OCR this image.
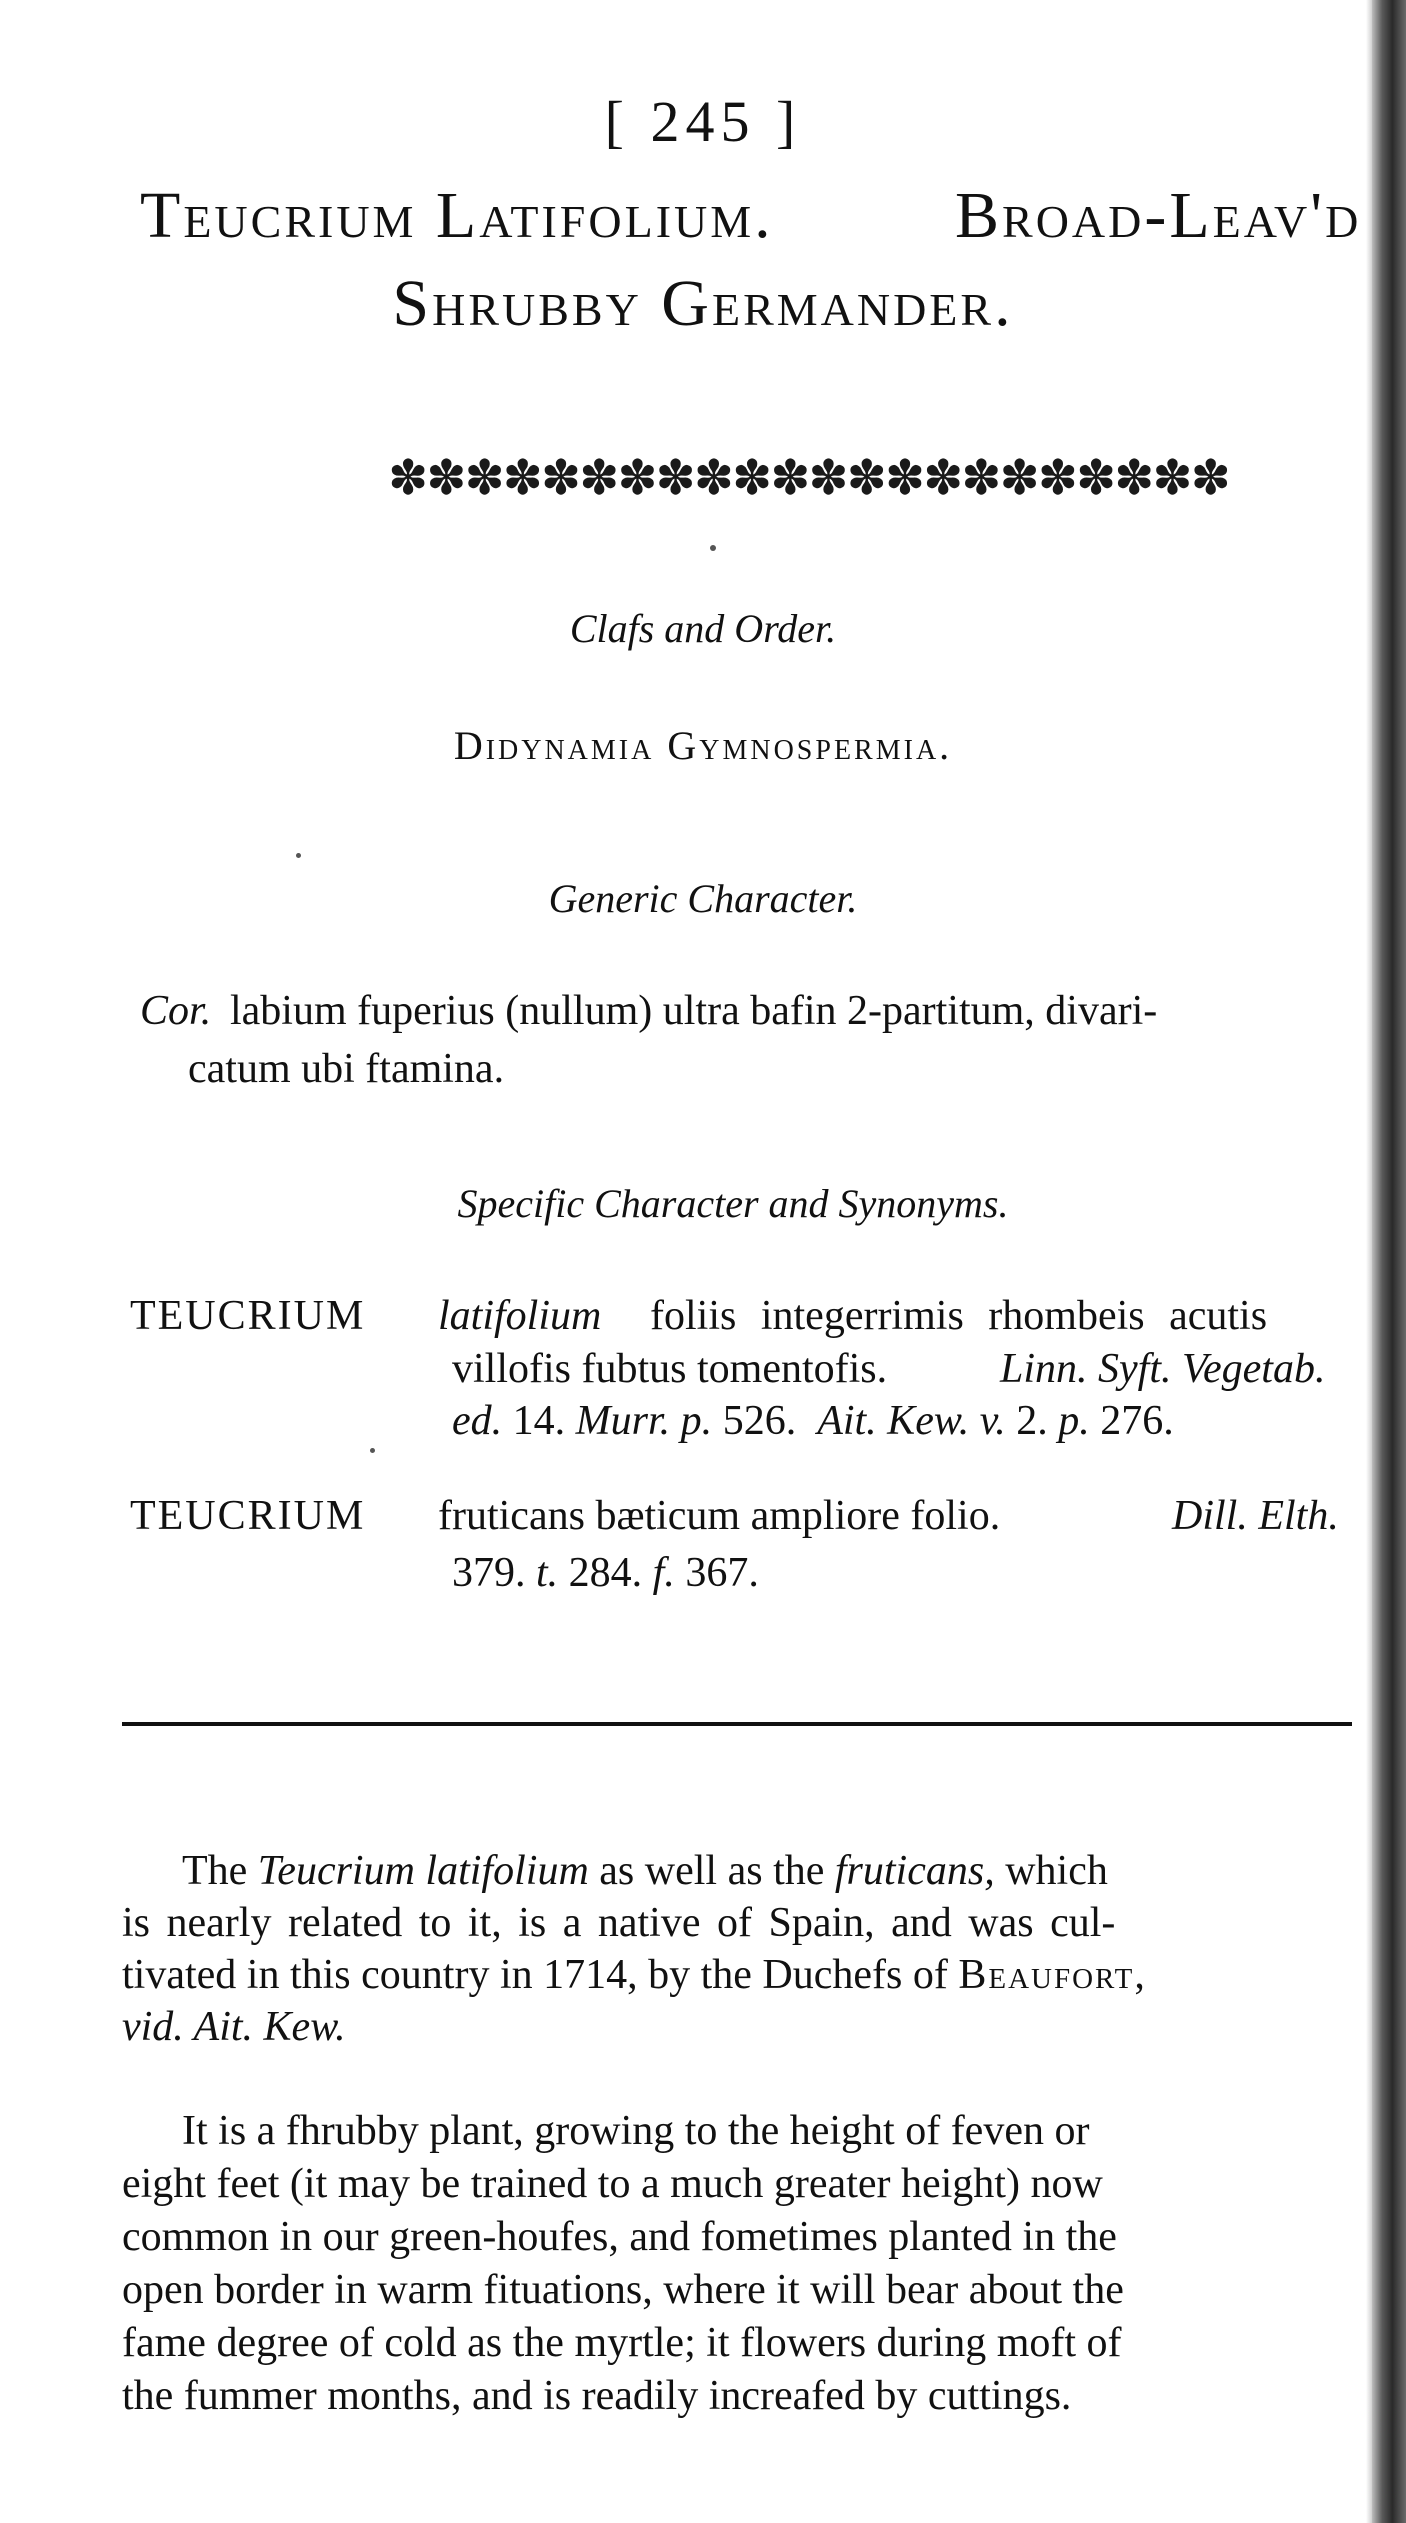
[ 245 ]
Teucrium Latifolium.	Broad-Leav'd
Shrubby Germander.
✽✽✽✽✽✽✽✽✽✽✽✽✽✽✽✽✽✽✽✽✽✽
Clafs and Order.
Didynamia Gymnospermia.
Generic Character.
Cor. labium fuperius (nullum) ultra bafin 2-partitum, divari-
catum ubi ftamina.
Specific Character and Synonyms.
TEUCRIUM latifolium foliis integerrimis rhombeis acutis
villofis fubtus tomentofis.	Linn. Syft. Vegetab.
ed. 14. Murr. p. 526. Ait. Kew. v. 2. p. 276.
TEUCRIUM fruticans bæticum ampliore folio.	Dill. Elth.
379. t. 284. f. 367.
The Teucrium latifolium as well as the fruticans, which
is nearly related to it, is a native of Spain, and was cul-
tivated in this country in 1714, by the Duchefs of Beaufort,
vid. Ait. Kew.
It is a fhrubby plant, growing to the height of feven or
eight feet (it may be trained to a much greater height) now
common in our green-houfes, and fometimes planted in the
open border in warm fituations, where it will bear about the
fame degree of cold as the myrtle; it flowers during moft of
the fummer months, and is readily increafed by cuttings.
